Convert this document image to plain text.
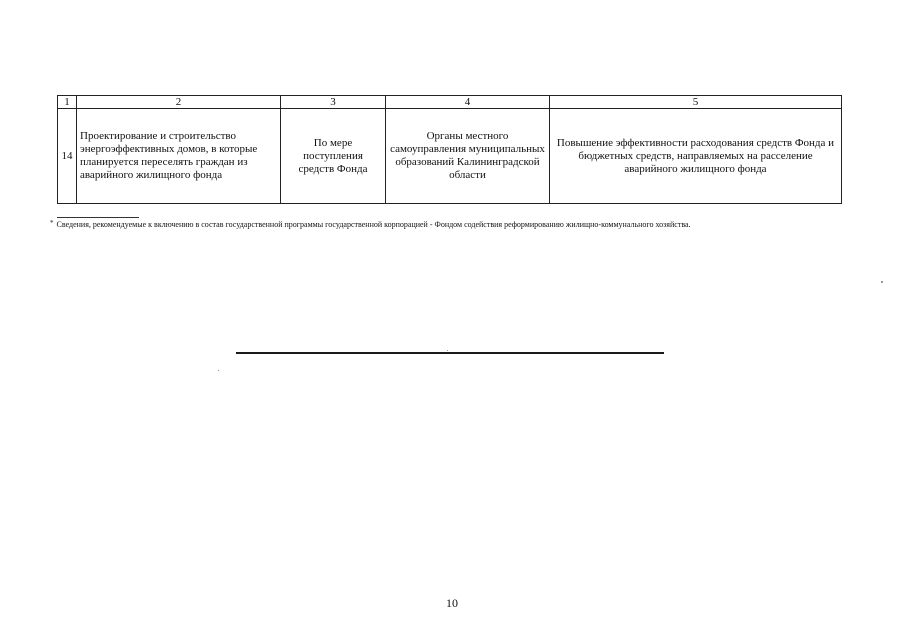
1	2	3	4	5
14	Проектирование и строительство энергоэффективных домов, в которые планируется переселять граждан из аварийного жилищного фонда	По мере поступления средств Фонда	Органы местного самоуправления муниципальных образований Калининградской области	Повышение эффективности расходования средств Фонда и бюджетных средств, направляемых на расселение аварийного жилищного фонда
* Сведения, рекомендуемые к включению в состав государственной программы государственной корпорацией - Фондом содействия реформированию жилищно-коммунального хозяйства.
10
